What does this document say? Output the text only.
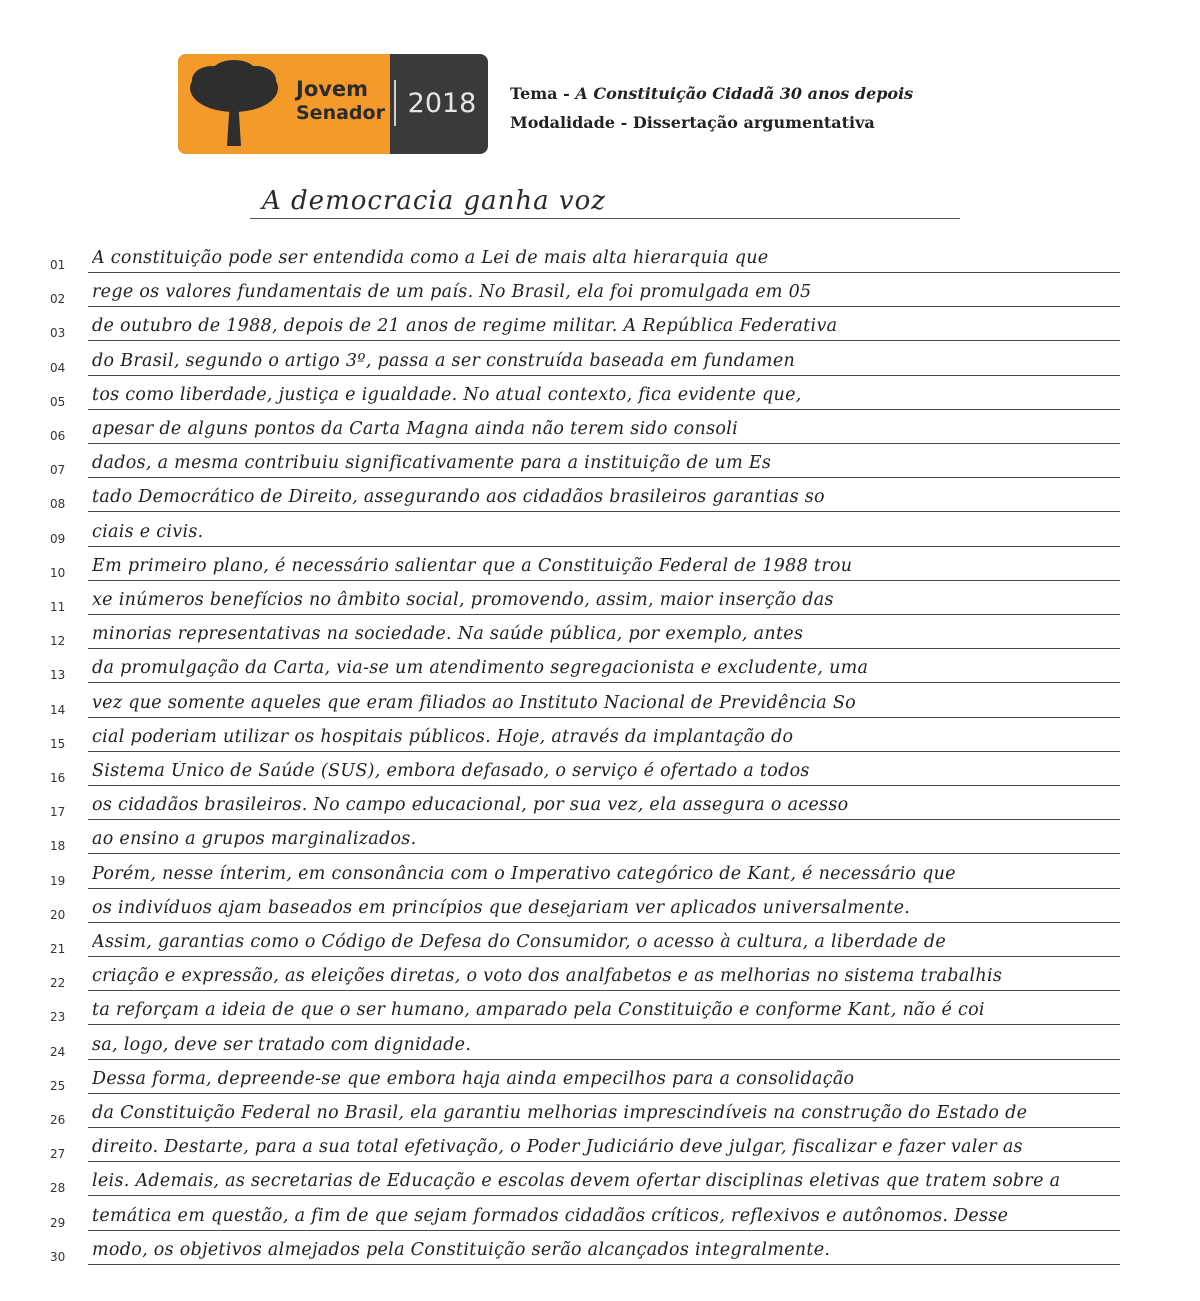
Jovem
Senador 2018	Tema - A Constituição Cidadã 30 anos depois
Modalidade - Dissertação argumentativa
A democracia ganha voz
01	A constituição pode ser entendida como a Lei de mais alta hierarquia que
02	rege os valores fundamentais de um país. No Brasil, ela foi promulgada em 05
03	de outubro de 1988, depois de 21 anos de regime militar. A República Federativa
04	do Brasil, segundo o artigo 3º, passa a ser construída baseada em fundamen
05	tos como liberdade, justiça e igualdade. No atual contexto, fica evidente que,
06	apesar de alguns pontos da Carta Magna ainda não terem sido consoli
07	dados, a mesma contribuiu significativamente para a instituição de um Es
08	tado Democrático de Direito, assegurando aos cidadãos brasileiros garantias so
09	ciais e civis.
10	Em primeiro plano, é necessário salientar que a Constituição Federal de 1988 trou
11	xe inúmeros benefícios no âmbito social, promovendo, assim, maior inserção das
12	minorias representativas na sociedade. Na saúde pública, por exemplo, antes
13	da promulgação da Carta, via-se um atendimento segregacionista e excludente, uma
14	vez que somente aqueles que eram filiados ao Instituto Nacional de Previdência So
15	cial poderiam utilizar os hospitais públicos. Hoje, através da implantação do
16	Sistema Único de Saúde (SUS), embora defasado, o serviço é ofertado a todos
17	os cidadãos brasileiros. No campo educacional, por sua vez, ela assegura o acesso
18	ao ensino a grupos marginalizados.
19	Porém, nesse ínterim, em consonância com o Imperativo categórico de Kant, é necessário que
20	os indivíduos ajam baseados em princípios que desejariam ver aplicados universalmente.
21	Assim, garantias como o Código de Defesa do Consumidor, o acesso à cultura, a liberdade de
22	criação e expressão, as eleições diretas, o voto dos analfabetos e as melhorias no sistema trabalhis
23	ta reforçam a ideia de que o ser humano, amparado pela Constituição e conforme Kant, não é coi
24	sa, logo, deve ser tratado com dignidade.
25	Dessa forma, depreende-se que embora haja ainda empecilhos para a consolidação
26	da Constituição Federal no Brasil, ela garantiu melhorias imprescindíveis na construção do Estado de
27	direito. Destarte, para a sua total efetivação, o Poder Judiciário deve julgar, fiscalizar e fazer valer as
28	leis. Ademais, as secretarias de Educação e escolas devem ofertar disciplinas eletivas que tratem sobre a
29	temática em questão, a fim de que sejam formados cidadãos críticos, reflexivos e autônomos. Desse
30	modo, os objetivos almejados pela Constituição serão alcançados integralmente.
